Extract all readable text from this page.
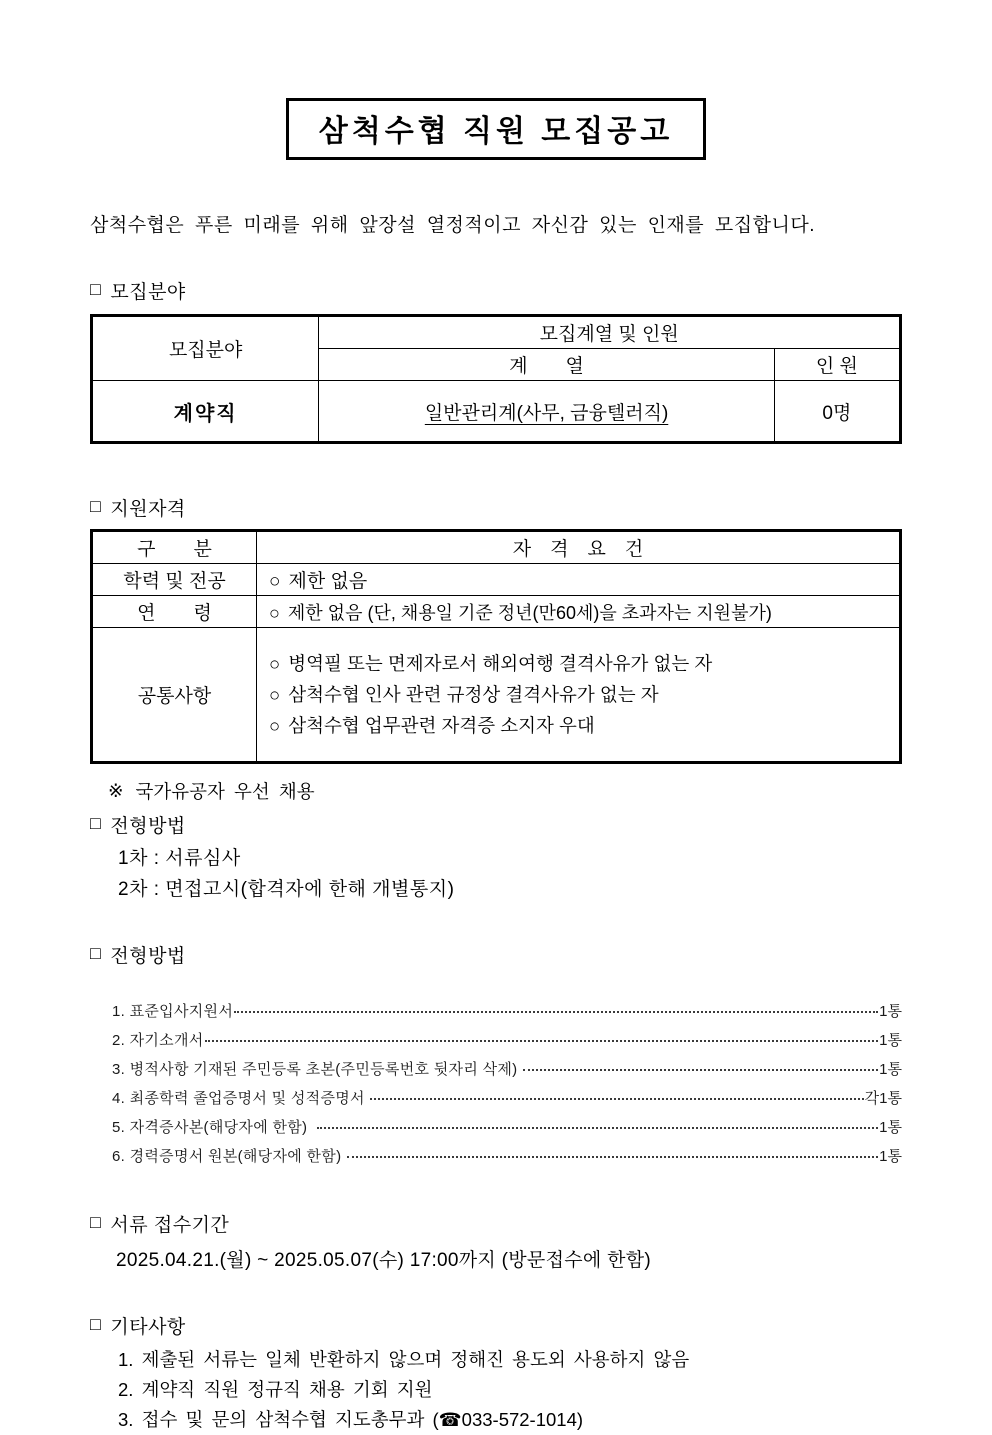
삼척수협 직원 모집공고

삼척수협은 푸른 미래를 위해 앞장설 열정적이고 자신감 있는 인재를 모집합니다.

□ 모집분야
모집분야	모집계열 및 인원	
	계　　열	인 원
계약직	일반관리계(사무, 금융텔러직)	0명
□ 지원자격
구　　분	자　격　요　건
학력 및 전공	○ 제한 없음
연　　령	○ 제한 없음 (단, 채용일 기준 정년(만60세)을 초과자는 지원불가)
공통사항	○ 병역필 또는 면제자로서 해외여행 결격사유가 없는 자
○ 삼척수협 인사 관련 규정상 결격사유가 없는 자
○ 삼척수협 업무관련 자격증 소지자 우대
※ 국가유공자 우선 채용
□ 전형방법
1차 : 서류심사
2차 : 면접고시(합격자에 한해 개별통지)
□ 전형방법
1. 표준입사지원서	1통
2. 자기소개서	1통
3. 병적사항 기재된 주민등록 초본(주민등록번호 뒷자리 삭제)	1통
4. 최종학력 졸업증명서 및 성적증명서	각1통
5. 자격증사본(해당자에 한함)	1통
6. 경력증명서 원본(해당자에 한함)	1통
□ 서류 접수기간
2025.04.21.(월) ~ 2025.05.07(수) 17:00까지 (방문접수에 한함)
□ 기타사항
1. 제출된 서류는 일체 반환하지 않으며 정해진 용도외 사용하지 않음
2. 계약직 직원 정규직 채용 기회 지원
3. 접수 및 문의 삼척수협 지도총무과 (☎033-572-1014)
